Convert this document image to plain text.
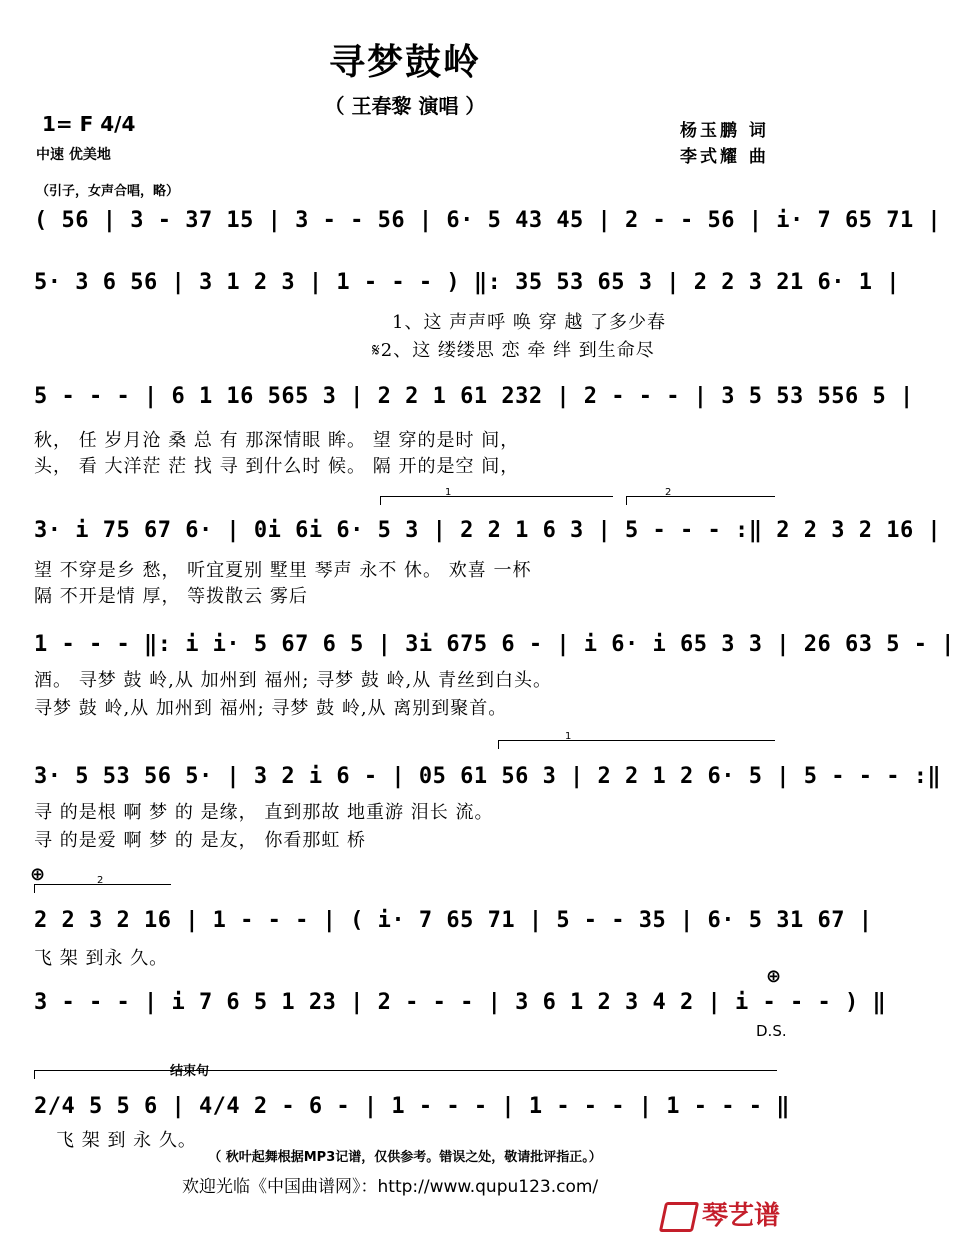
寻梦鼓岭
（ 王春黎 演唱 ）
1= F 4/4
中速 优美地
杨玉鹏 词
李式耀 曲
（引子，女声合唱，略）
( 56 | 3 - 37 15 | 3 - - 56 | 6· 5 43 45 | 2 - - 56 | i· 7 65 71 |
5· 3 6 56 | 3 1 2 3 | 1 - - - ) ‖: 35 53 65 3 | 2 2 3 21 6· 1 |
1、这 声声呼 唤 穿 越 了多少春
𝄋2、这 缕缕思 恋 牵 绊 到生命尽
5 - - - | 6 1 16 565 3 | 2 2 1 61 232 | 2 - - - | 3 5 53 556 5 |
秋， 任 岁月沧 桑 总 有 那深情眼 眸。 望 穿的是时 间，
头， 看 大洋茫 茫 找 寻 到什么时 候。 隔 开的是空 间，
1	2
3· i 75 67 6· | 0i 6i 6· 5 3 | 2 2 1 6 3 | 5 - - - :‖ 2 2 3 2 16 |
望 不穿是乡 愁， 听宜夏别 墅里 琴声 永不 休。 欢喜 一杯
隔 不开是情 厚， 等拨散云 雾后
1 - - - ‖: i i· 5 67 6 5 | 3i 675 6 - | i 6· i 65 3 3 | 26 63 5 - |
酒。 寻梦 鼓 岭,从 加州到 福州; 寻梦 鼓 岭,从 青丝到白头。
寻梦 鼓 岭,从 加州到 福州; 寻梦 鼓 岭,从 离别到聚首。
1
3· 5 53 56 5· | 3 2 i 6 - | 05 61 56 3 | 2 2 1 2 6· 5 | 5 - - - :‖
寻 的是根 啊 梦 的 是缘， 直到那故 地重游 泪长 流。
寻 的是爱 啊 梦 的 是友， 你看那虹 桥
⊕	2
2 2 3 2 16 | 1 - - - | ( i· 7 65 71 | 5 - - 35 | 6· 5 31 67 |
飞 架 到永 久。
⊕
3 - - - | i 7 6 5 1 23 | 2 - - - | 3 6 1 2 3 4 2 | i - - - ) ‖
D.S.
结束句
2/4 5 5 6 | 4/4 2 - 6 - | 1 - - - | 1 - - - | 1 - - - ‖
飞 架 到 永 久。
（ 秋叶起舞根据MP3记谱，仅供参考。错误之处，敬请批评指正。）
欢迎光临《中国曲谱网》：http://www.qupu123.com/
琴艺谱
